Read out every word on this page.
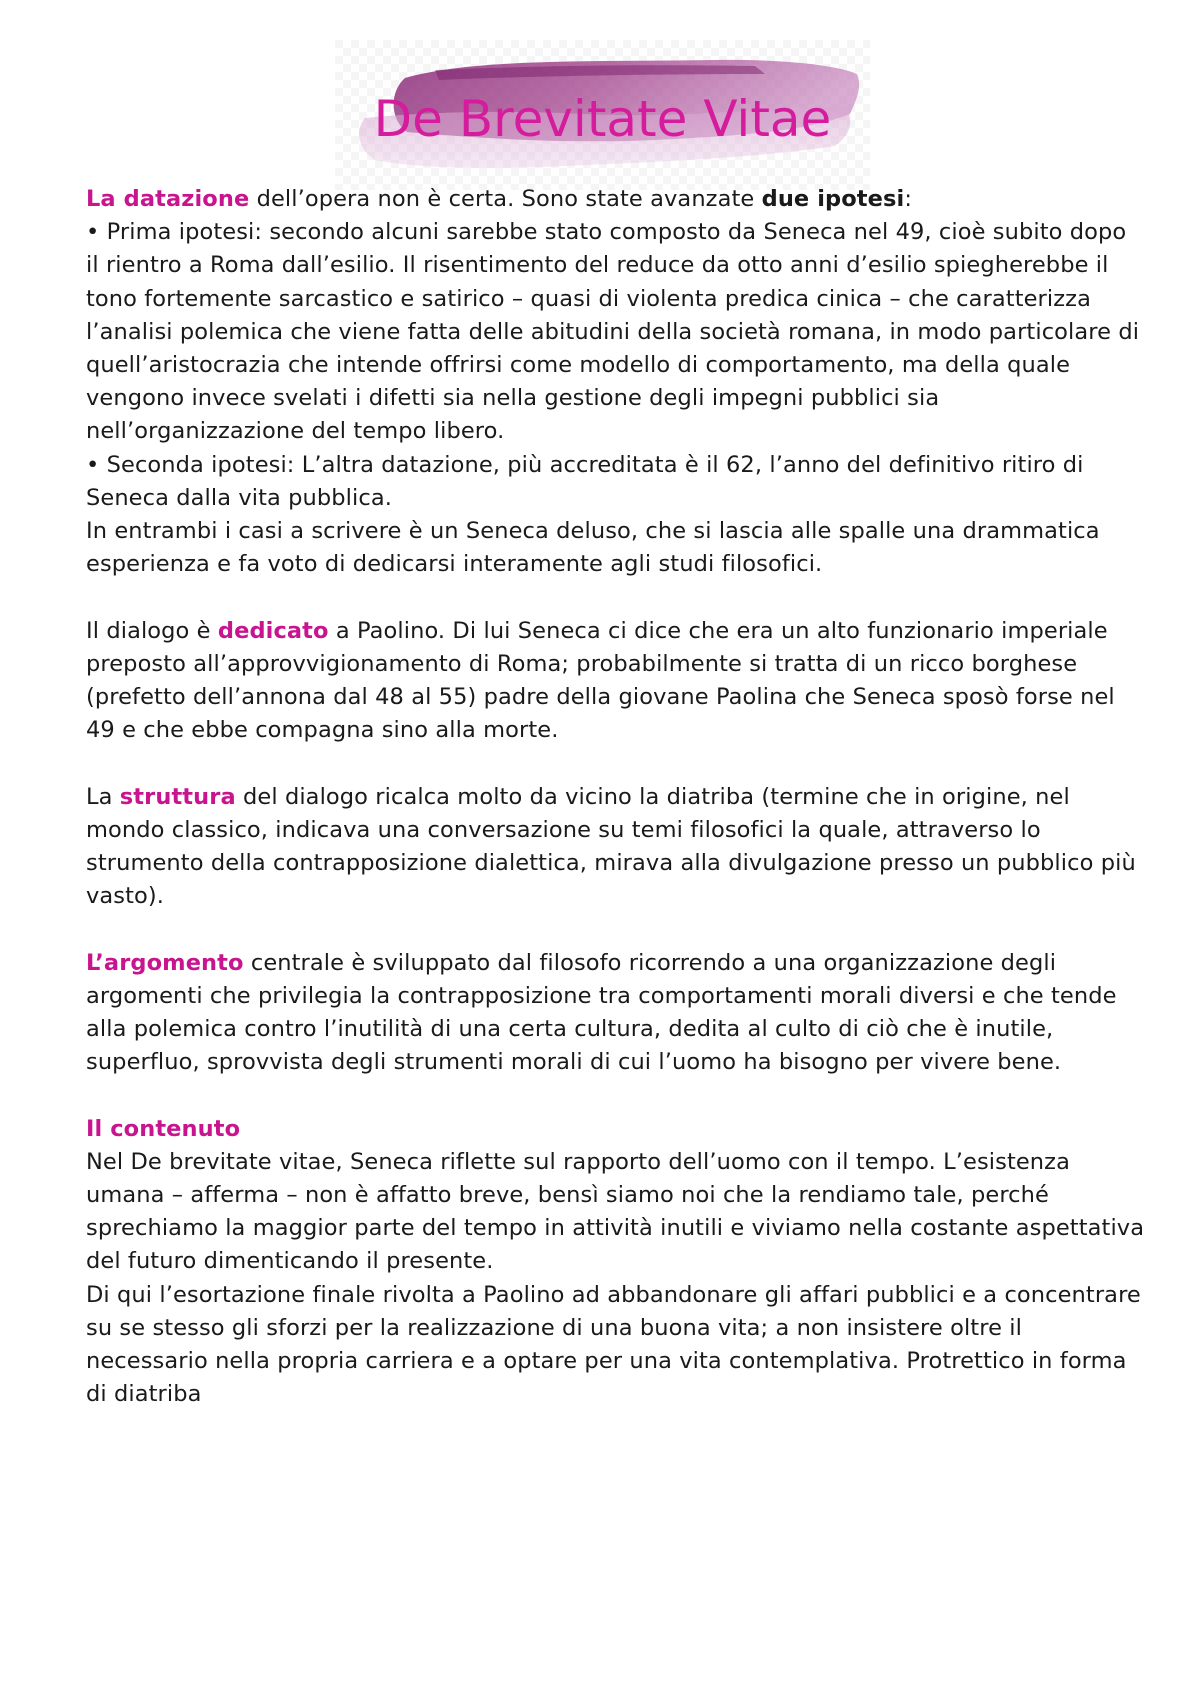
De Brevitate Vitae

La datazione dell’opera non è certa. Sono state avanzate due ipotesi:

• Prima ipotesi: secondo alcuni sarebbe stato composto da Seneca nel 49, cioè subito dopo il rientro a Roma dall’esilio. Il risentimento del reduce da otto anni d’esilio spiegherebbe il tono fortemente sarcastico e satirico – quasi di violenta predica cinica – che caratterizza l’analisi polemica che viene fatta delle abitudini della società romana, in modo particolare di quell’aristocrazia che intende offrirsi come modello di comportamento, ma della quale vengono invece svelati i difetti sia nella gestione degli impegni pubblici sia nell’organizzazione del tempo libero.

• Seconda ipotesi: L’altra datazione, più accreditata è il 62, l’anno del definitivo ritiro di Seneca dalla vita pubblica.

In entrambi i casi a scrivere è un Seneca deluso, che si lascia alle spalle una drammatica esperienza e fa voto di dedicarsi interamente agli studi filosofici.

Il dialogo è dedicato a Paolino. Di lui Seneca ci dice che era un alto funzionario imperiale preposto all’approvvigionamento di Roma; probabilmente si tratta di un ricco borghese (prefetto dell’annona dal 48 al 55) padre della giovane Paolina che Seneca sposò forse nel 49 e che ebbe compagna sino alla morte.

La struttura del dialogo ricalca molto da vicino la diatriba (termine che in origine, nel mondo classico, indicava una conversazione su temi filosofici la quale, attraverso lo strumento della contrapposizione dialettica, mirava alla divulgazione presso un pubblico più vasto).

L’argomento centrale è sviluppato dal filosofo ricorrendo a una organizzazione degli argomenti che privilegia la contrapposizione tra comportamenti morali diversi e che tende alla polemica contro l’inutilità di una certa cultura, dedita al culto di ciò che è inutile, superfluo, sprovvista degli strumenti morali di cui l’uomo ha bisogno per vivere bene.

Il contenuto

Nel De brevitate vitae, Seneca riflette sul rapporto dell’uomo con il tempo. L’esistenza umana – afferma – non è affatto breve, bensì siamo noi che la rendiamo tale, perché sprechiamo la maggior parte del tempo in attività inutili e viviamo nella costante aspettativa del futuro dimenticando il presente.

Di qui l’esortazione finale rivolta a Paolino ad abbandonare gli affari pubblici e a concentrare su se stesso gli sforzi per la realizzazione di una buona vita; a non insistere oltre il necessario nella propria carriera e a optare per una vita contemplativa. Protrettico in forma di diatriba
